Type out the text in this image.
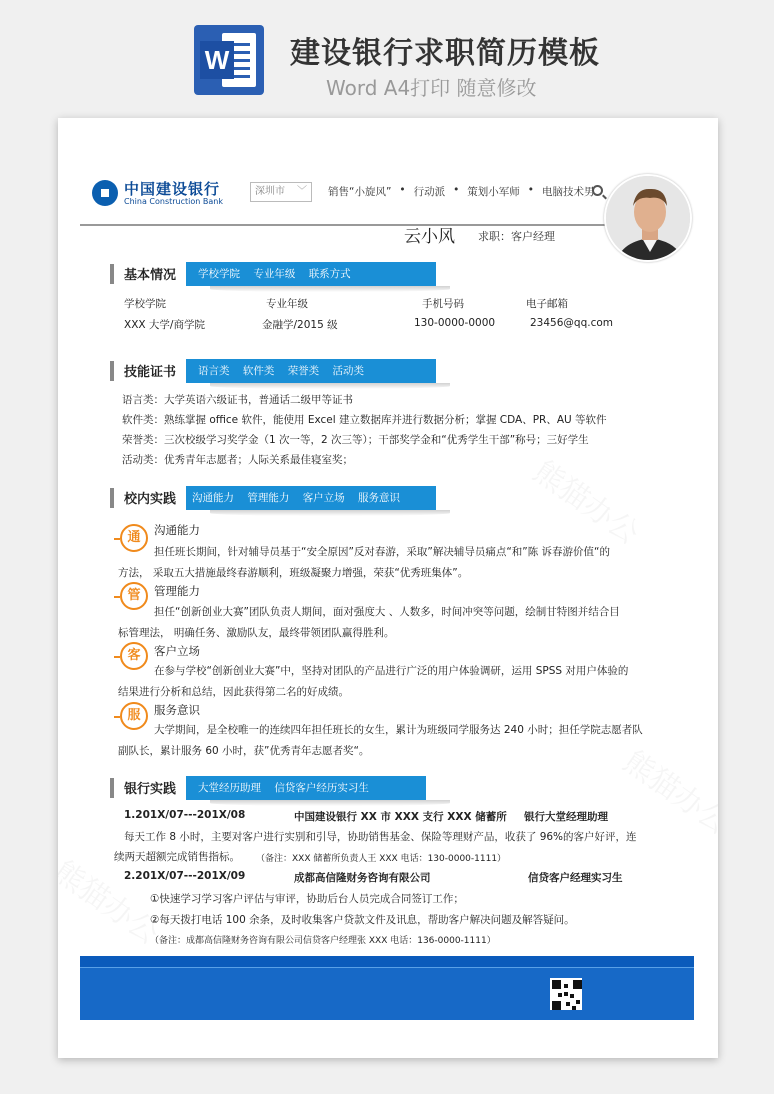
W 建设银行求职简历模板
Word A4打印 随意修改
中国建设银行
China Construction Bank
深圳市 ﹀ 销售“小旋风” • 行动派 • 策划小军师 • 电脑技术男
云小风 求职：客户经理
基本情况	学校学院 专业年级 联系方式
学校学院	专业年级	手机号码	电子邮箱
XXX 大学/商学院	金融学/2015 级	130-0000-0000	23456@qq.com
技能证书	语言类 软件类 荣誉类 活动类
语言类：大学英语六级证书，普通话二级甲等证书
软件类：熟练掌握 office 软件，能使用 Excel 建立数据库并进行数据分析；掌握 CDA、PR、AU 等软件
荣誉类：三次校级学习奖学金（1 次一等，2 次三等）；干部奖学金和“优秀学生干部”称号；三好学生
活动类：优秀青年志愿者；人际关系最佳寝室奖；
校内实践	沟通能力 管理能力 客户立场 服务意识
通	沟通能力
担任班长期间，针对辅导员基于“安全原因”反对春游，采取”解决辅导员痛点“和”陈 诉春游价值“的
方法， 采取五大措施最终春游顺利，班级凝聚力增强，荣获“优秀班集体”。
管	管理能力
担任“创新创业大赛”团队负责人期间，面对强度大 、人数多，时间冲突等问题，绘制甘特图并结合目
标管理法， 明确任务、激励队友，最终带领团队赢得胜利。
客	客户立场
在参与学校“创新创业大赛”中，坚持对团队的产品进行广泛的用户体验调研，运用 SPSS 对用户体验的
结果进行分析和总结，因此获得第二名的好成绩。
服	服务意识
大学期间，是全校唯一的连续四年担任班长的女生，累计为班级同学服务达 240 小时；担任学院志愿者队
副队长，累计服务 60 小时，获”优秀青年志愿者奖“。
银行实践	大堂经历助理 信贷客户经历实习生
1.201X/07---201X/08	中国建设银行 XX 市 XXX 支行 XXX 储蓄所 银行大堂经理助理
每天工作 8 小时，主要对客户进行实别和引导，协助销售基金、保险等理财产品，收获了 96%的客户好评，连
续两天超额完成销售指标。 （备注：XXX 储蓄所负责人王 XXX 电话：130-0000-1111）
2.201X/07---201X/09	成都高信隆财务咨询有限公司	信贷客户经理实习生
①快速学习学习客户评估与审评，协助后台人员完成合同签订工作；
②每天拨打电话 100 余条，及时收集客户贷款文件及讯息，帮助客户解决问题及解答疑问。
（备注：成都高信隆财务咨询有限公司信贷客户经理张 XXX 电话：136-0000-1111）
